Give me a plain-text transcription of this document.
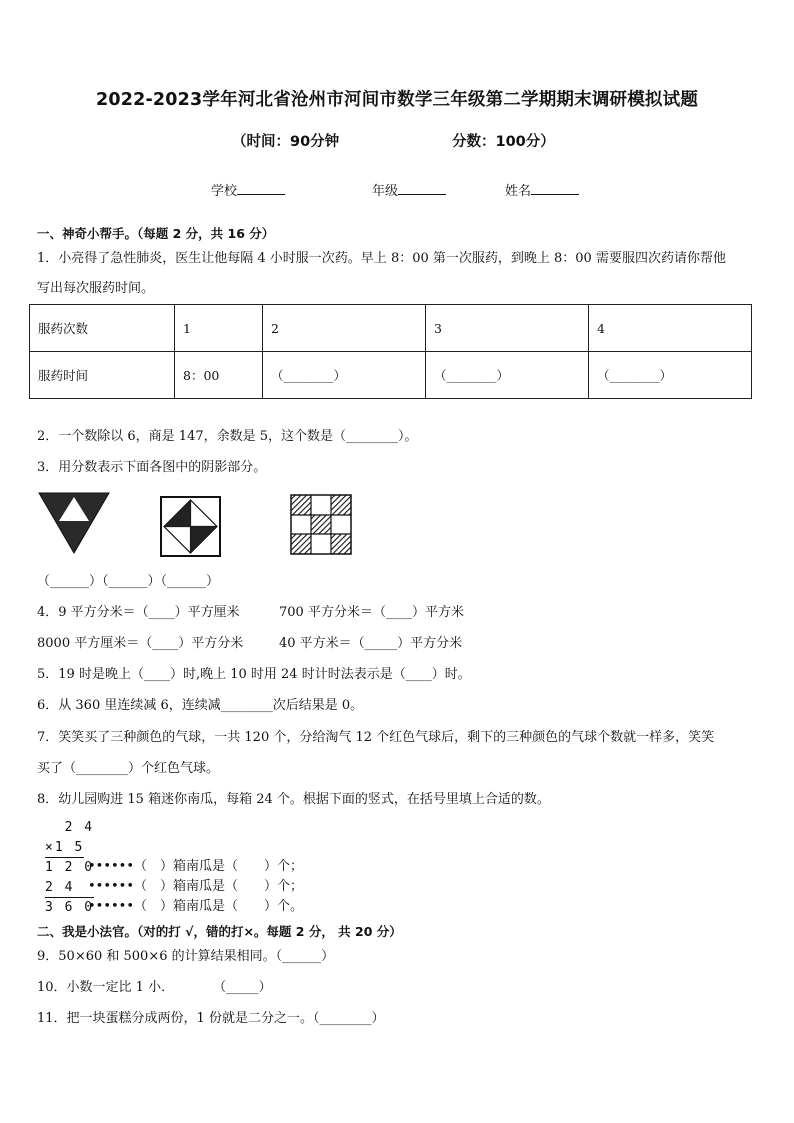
2022-2023学年河北省沧州市河间市数学三年级第二学期期末调研模拟试题
（时间：90分钟	分数：100分）
学校	年级	姓名
一、神奇小帮手。（每题 2 分，共 16 分）
1．小亮得了急性肺炎，医生让他每隔 4 小时服一次药。早上 8：00 第一次服药，到晚上 8：00 需要服四次药请你帮他
写出每次服药时间。
服药次数	1	2	3	4
服药时间	8：00	（________）	（________）	（________）
2．一个数除以 6，商是 147，余数是 5，这个数是（________）。
3．用分数表示下面各图中的阴影部分。
（______）（______）（______）
4．9 平方分米＝（____）平方厘米	700 平方分米＝（____）平方米
8000 平方厘米＝（____）平方分米	40 平方米＝（_____）平方分米
5．19 时是晚上（____）时,晚上 10 时用 24 时计时法表示是（____）时。
6．从 360 里连续减 6，连续减________次后结果是 0。
7．笑笑买了三种颜色的气球，一共 120 个，分给淘气 12 个红色气球后，剩下的三种颜色的气球个数就一样多，笑笑
买了（________）个红色气球。
8．幼儿园购进 15 箱迷你南瓜，每箱 24 个。根据下面的竖式，在括号里填上合适的数。
2 4
×1 5
1 2 0
••••••（　）箱南瓜是（　　）个；
2 4
••••••（　）箱南瓜是（　　）个；
3 6 0
••••••（　）箱南瓜是（　　）个。
二、我是小法官。（对的打 √，错的打×。每题 2 分， 共 20 分）
9．50×60 和 500×6 的计算结果相同。（______）
10．小数一定比 1 小．　　　　（_____）
11．把一块蛋糕分成两份，1 份就是二分之一。（________）
